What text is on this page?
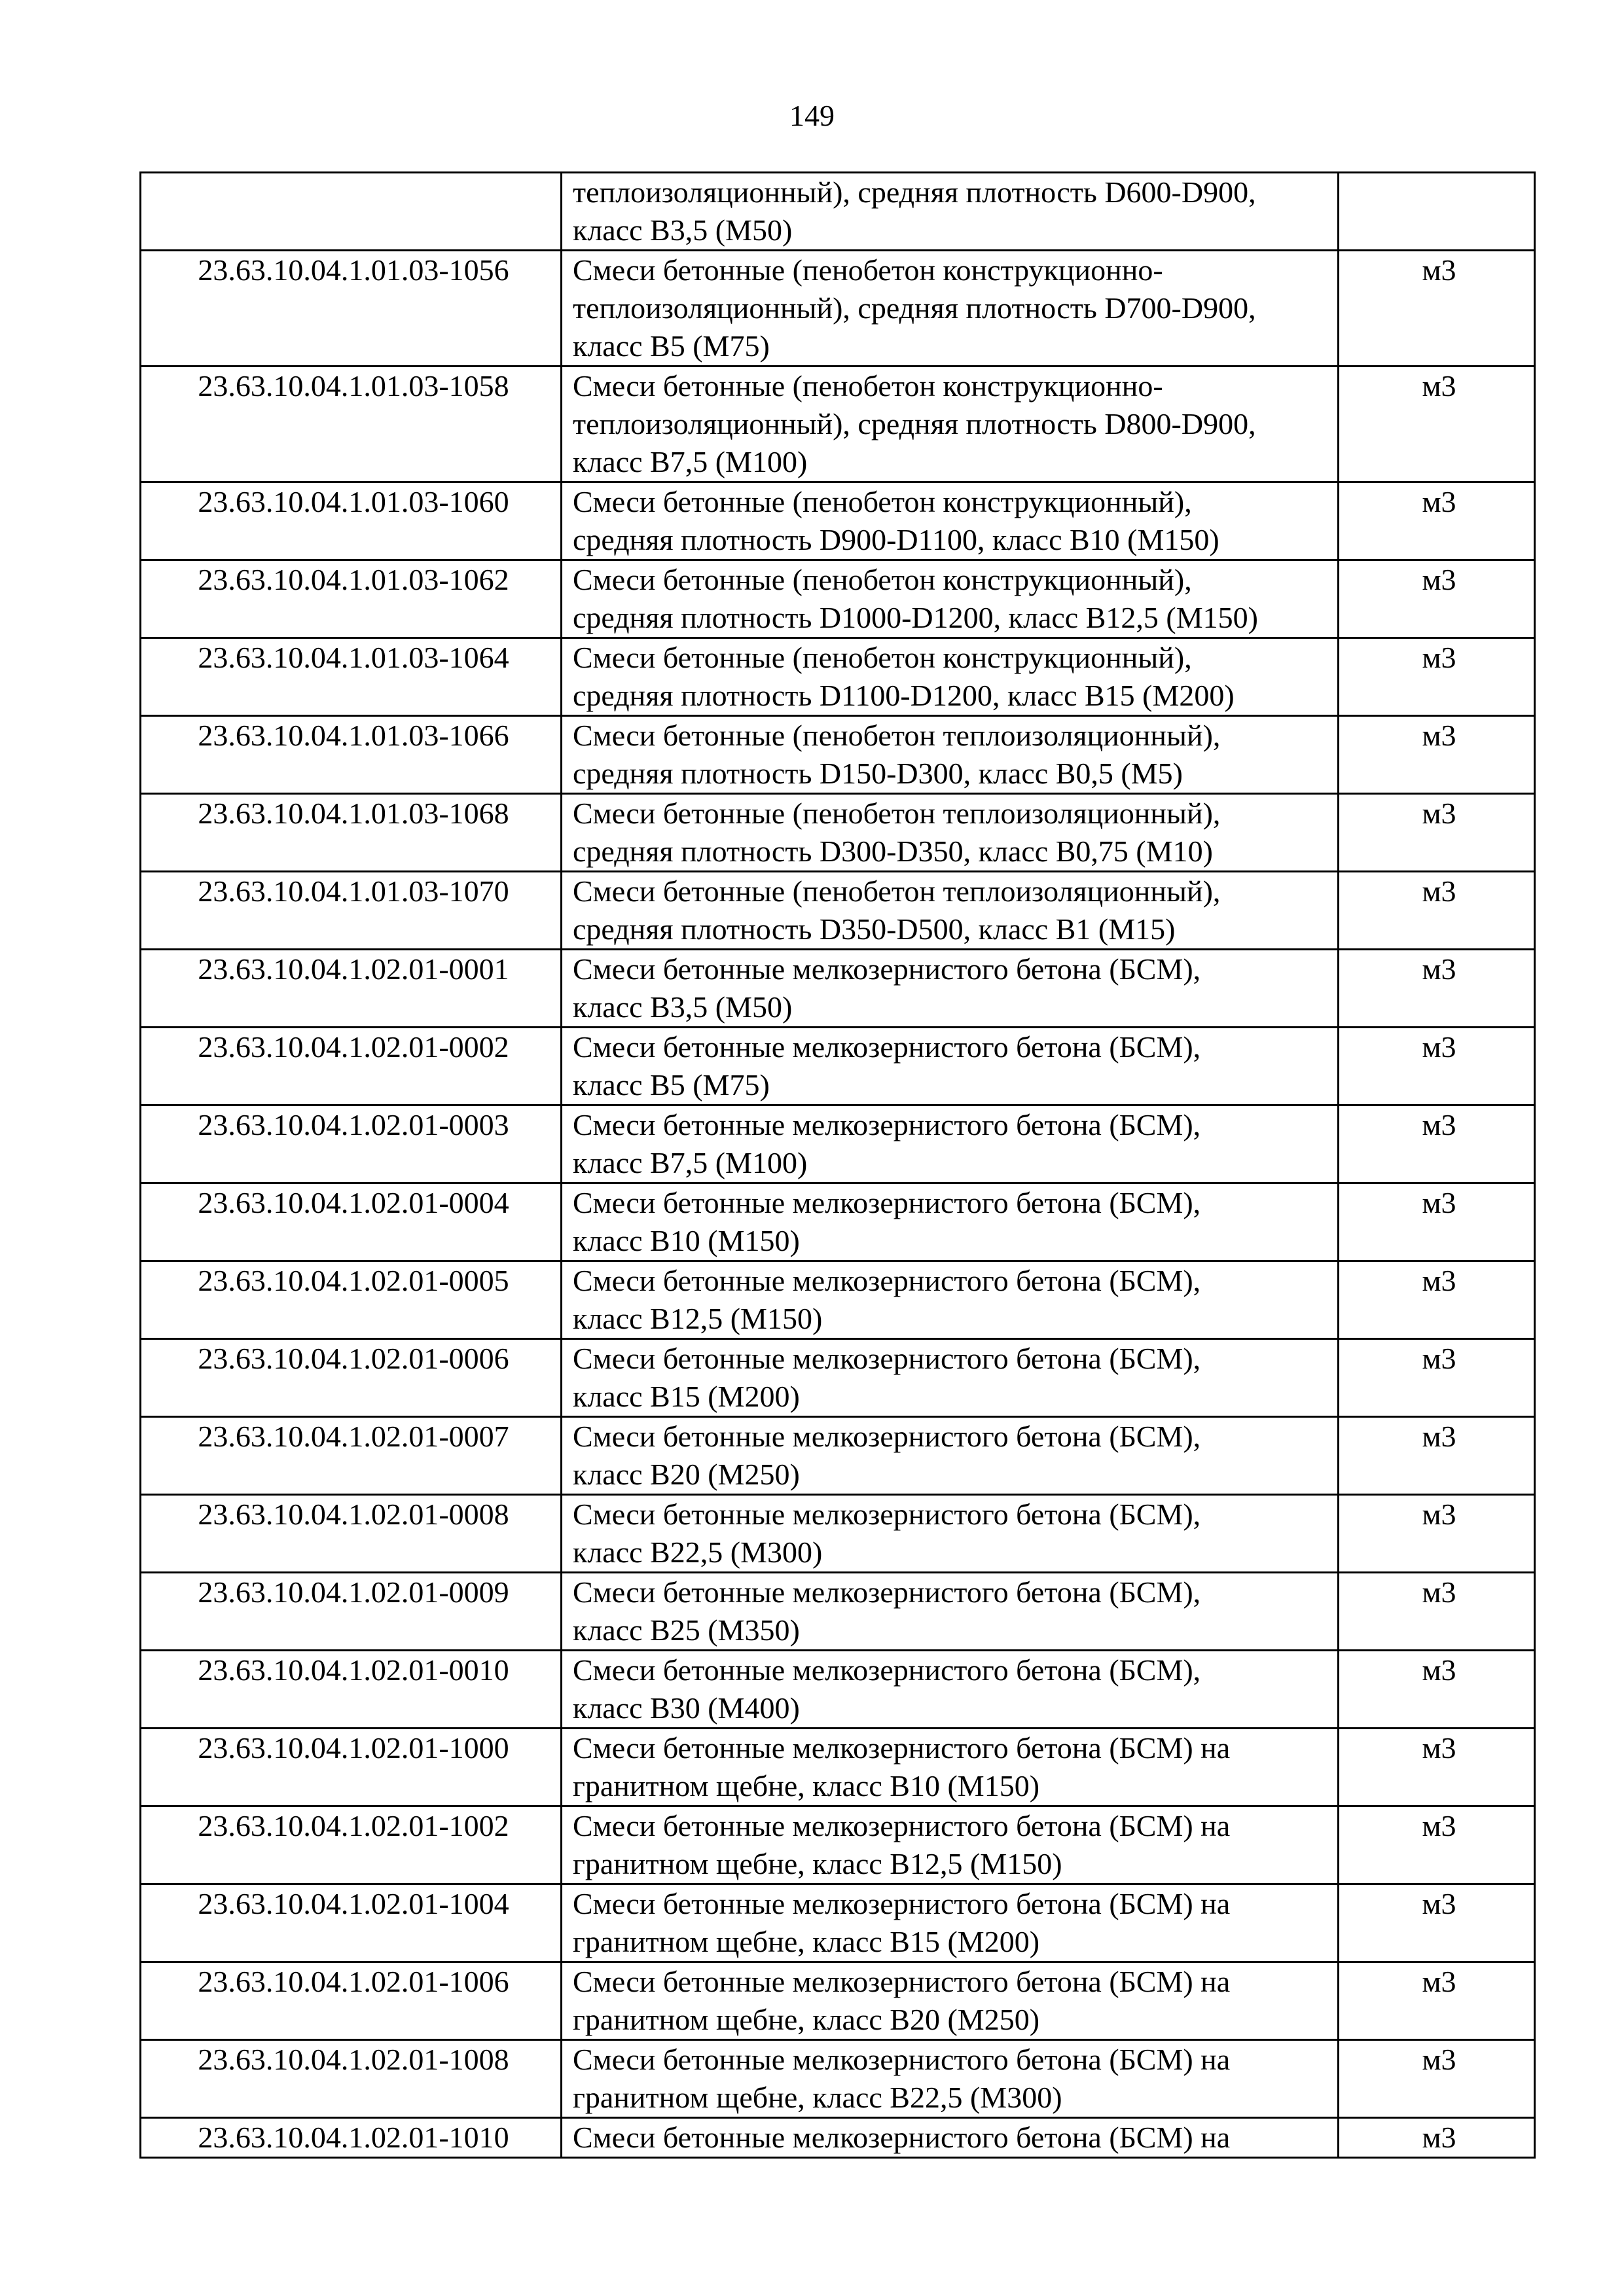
149

	теплоизоляционный), средняя плотность D600-D900,
класс В3,5 (М50)	

23.63.10.04.1.01.03-1056	Смеси бетонные (пенобетон конструкционно-
теплоизоляционный), средняя плотность D700-D900,
класс В5 (М75)	м3
23.63.10.04.1.01.03-1058	Смеси бетонные (пенобетон конструкционно-
теплоизоляционный), средняя плотность D800-D900,
класс В7,5 (М100)	м3
23.63.10.04.1.01.03-1060	Смеси бетонные (пенобетон конструкционный),
средняя плотность D900-D1100, класс В10 (М150)	м3
23.63.10.04.1.01.03-1062	Смеси бетонные (пенобетон конструкционный),
средняя плотность D1000-D1200, класс В12,5 (М150)	м3
23.63.10.04.1.01.03-1064	Смеси бетонные (пенобетон конструкционный),
средняя плотность D1100-D1200, класс В15 (М200)	м3
23.63.10.04.1.01.03-1066	Смеси бетонные (пенобетон теплоизоляционный),
средняя плотность D150-D300, класс В0,5 (М5)	м3
23.63.10.04.1.01.03-1068	Смеси бетонные (пенобетон теплоизоляционный),
средняя плотность D300-D350, класс В0,75 (М10)	м3
23.63.10.04.1.01.03-1070	Смеси бетонные (пенобетон теплоизоляционный),
средняя плотность D350-D500, класс В1 (М15)	м3
23.63.10.04.1.02.01-0001	Смеси бетонные мелкозернистого бетона (БСМ),
класс В3,5 (М50)	м3
23.63.10.04.1.02.01-0002	Смеси бетонные мелкозернистого бетона (БСМ),
класс В5 (М75)	м3
23.63.10.04.1.02.01-0003	Смеси бетонные мелкозернистого бетона (БСМ),
класс В7,5 (М100)	м3
23.63.10.04.1.02.01-0004	Смеси бетонные мелкозернистого бетона (БСМ),
класс В10 (М150)	м3
23.63.10.04.1.02.01-0005	Смеси бетонные мелкозернистого бетона (БСМ),
класс В12,5 (М150)	м3
23.63.10.04.1.02.01-0006	Смеси бетонные мелкозернистого бетона (БСМ),
класс В15 (М200)	м3
23.63.10.04.1.02.01-0007	Смеси бетонные мелкозернистого бетона (БСМ),
класс В20 (М250)	м3
23.63.10.04.1.02.01-0008	Смеси бетонные мелкозернистого бетона (БСМ),
класс В22,5 (М300)	м3
23.63.10.04.1.02.01-0009	Смеси бетонные мелкозернистого бетона (БСМ),
класс В25 (М350)	м3
23.63.10.04.1.02.01-0010	Смеси бетонные мелкозернистого бетона (БСМ),
класс В30 (М400)	м3
23.63.10.04.1.02.01-1000	Смеси бетонные мелкозернистого бетона (БСМ) на
гранитном щебне, класс В10 (М150)	м3
23.63.10.04.1.02.01-1002	Смеси бетонные мелкозернистого бетона (БСМ) на
гранитном щебне, класс В12,5 (М150)	м3
23.63.10.04.1.02.01-1004	Смеси бетонные мелкозернистого бетона (БСМ) на
гранитном щебне, класс В15 (М200)	м3
23.63.10.04.1.02.01-1006	Смеси бетонные мелкозернистого бетона (БСМ) на
гранитном щебне, класс В20 (М250)	м3
23.63.10.04.1.02.01-1008	Смеси бетонные мелкозернистого бетона (БСМ) на
гранитном щебне, класс В22,5 (М300)	м3
23.63.10.04.1.02.01-1010	Смеси бетонные мелкозернистого бетона (БСМ) на	м3
